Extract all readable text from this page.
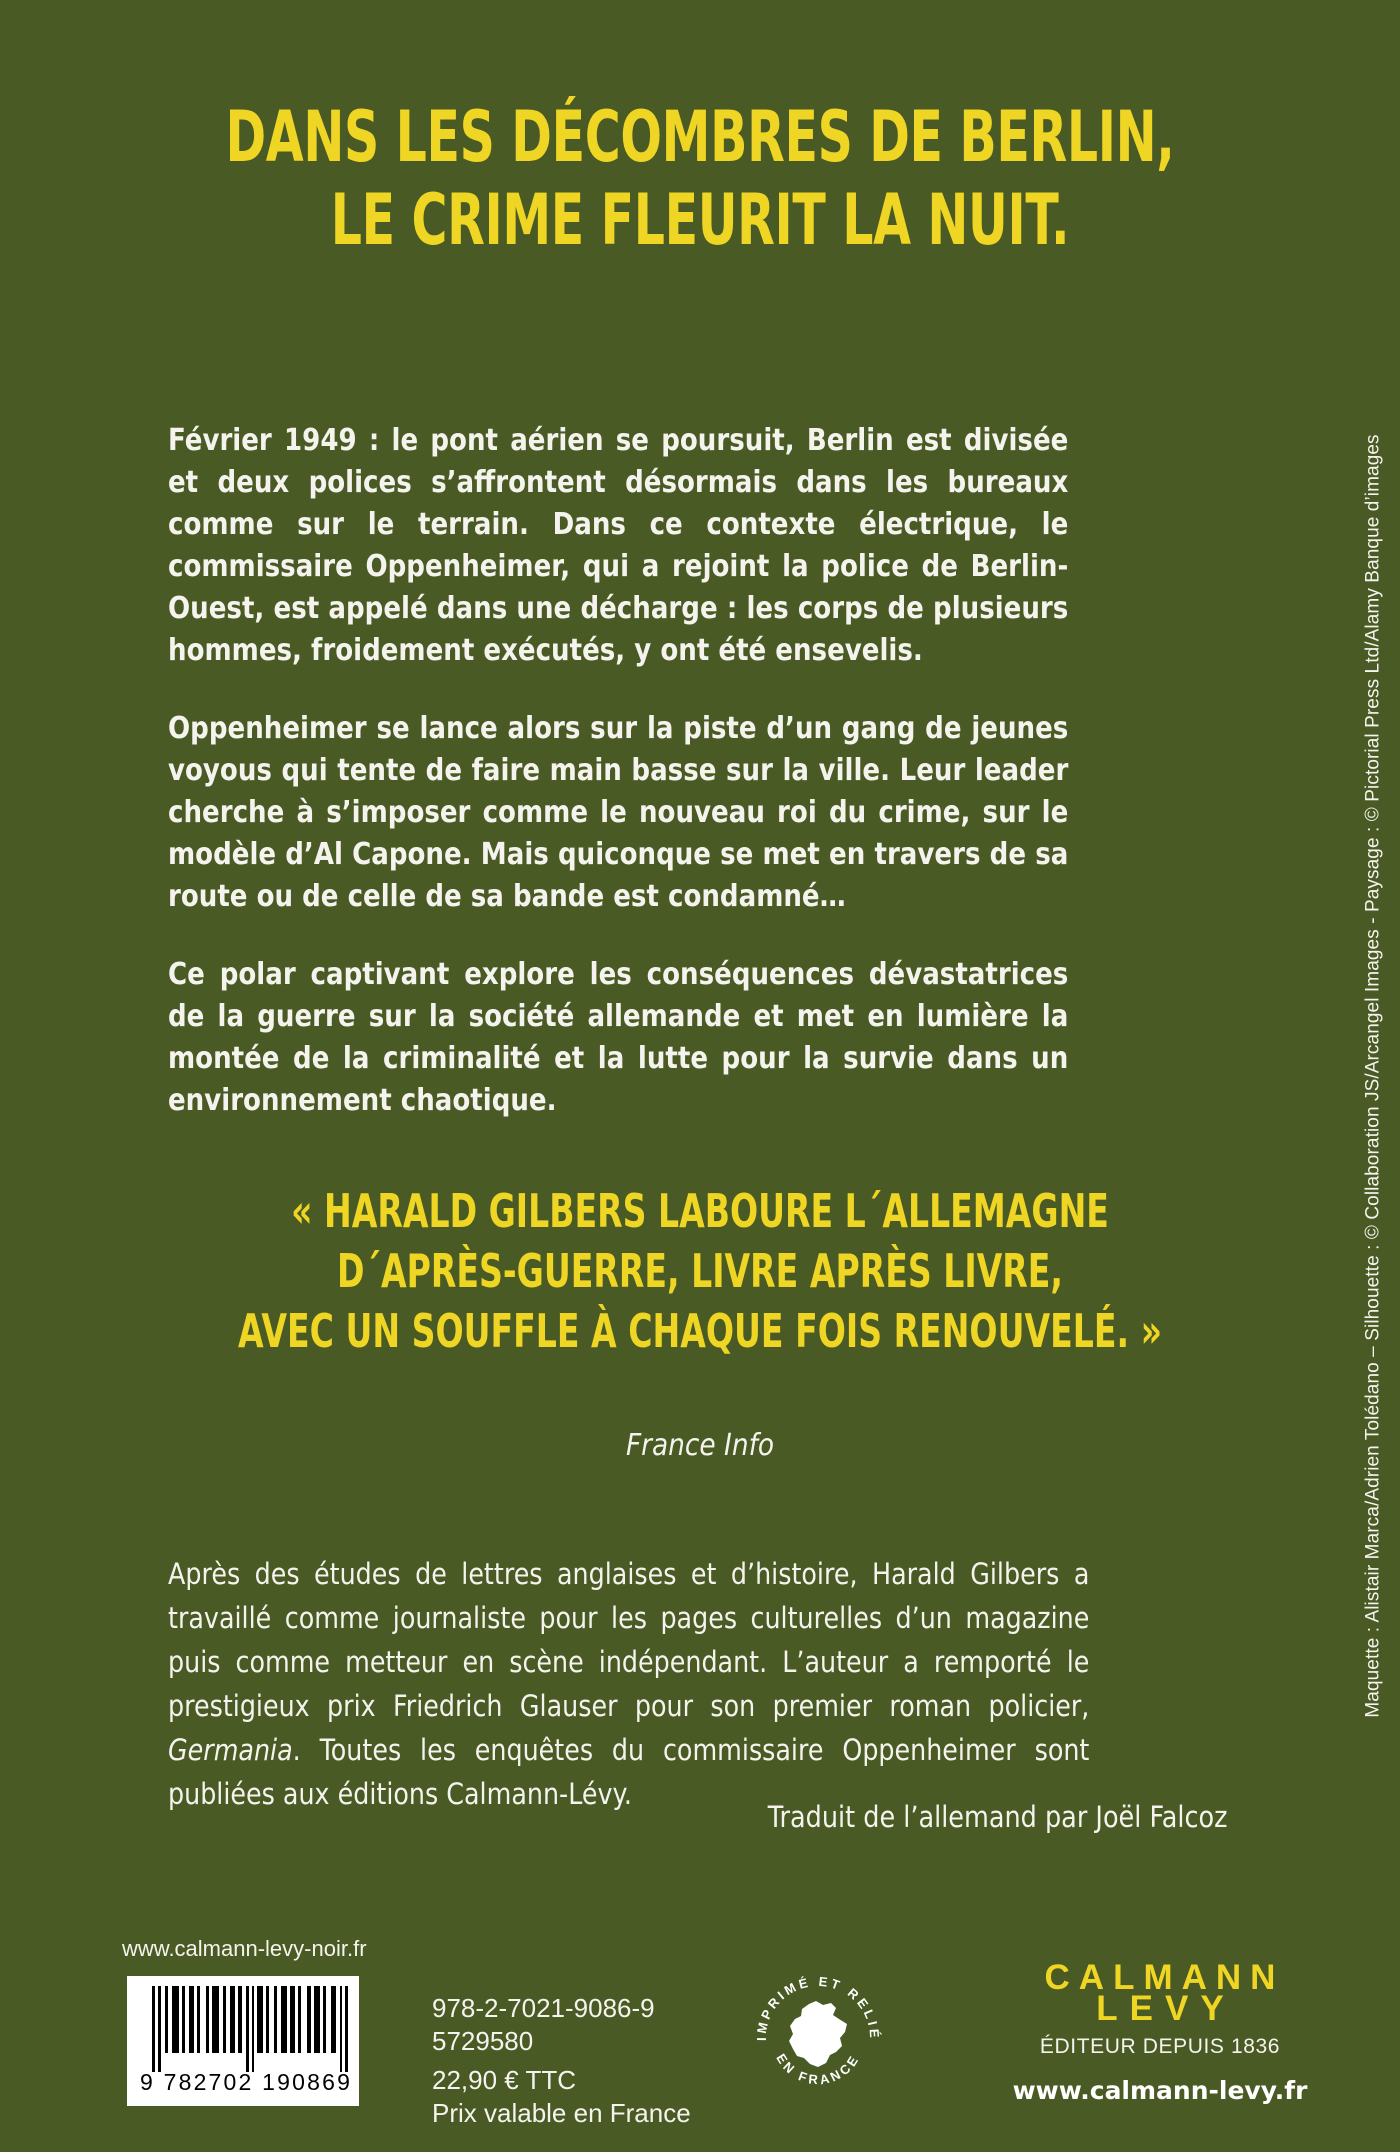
DANS LES DÉCOMBRES DE BERLIN,
LE CRIME FLEURIT LA NUIT.

Février 1949 : le pont aérien se poursuit, Berlin est divisée et deux polices s’affrontent désormais dans les bureaux comme sur le terrain. Dans ce contexte électrique, le commissaire Oppenheimer, qui a rejoint la police de Berlin-Ouest, est appelé dans une décharge : les corps de plusieurs hommes, froidement exécutés, y ont été ensevelis.

Oppenheimer se lance alors sur la piste d’un gang de jeunes voyous qui tente de faire main basse sur la ville. Leur leader cherche à s’imposer comme le nouveau roi du crime, sur le modèle d’Al Capone. Mais quiconque se met en travers de sa route ou de celle de sa bande est condamné…

Ce polar captivant explore les conséquences dévastatrices de la guerre sur la société allemande et met en lumière la montée de la criminalité et la lutte pour la survie dans un environnement chaotique.

« HARALD GILBERS LABOURE L´ALLEMAGNE
D´APRÈS-GUERRE, LIVRE APRÈS LIVRE,
AVEC UN SOUFFLE À CHAQUE FOIS RENOUVELÉ. »
France Info

Après des études de lettres anglaises et d’histoire, Harald Gilbers a travaillé comme journaliste pour les pages culturelles d’un magazine puis comme metteur en scène indépendant. L’auteur a remporté le prestigieux prix Friedrich Glauser pour son premier roman policier, Germania. Toutes les enquêtes du commissaire Oppenheimer sont publiées aux éditions Calmann-Lévy.

Traduit de l’allemand par Joël Falcoz
www.calmann-levy-noir.fr
9 782702 190869
978-2-7021-9086-9
5729580
22,90 € TTC
Prix valable en France
IMPRIMÉ ET RELIÉ
EN FRANCE
CALMANN
LEVY
ÉDITEUR DEPUIS 1836
www.calmann-levy.fr
Maquette : Alistair Marca/Adrien Tolédano – Silhouette : © Collaboration JS/Arcangel Images - Paysage : © Pictorial Press Ltd/Alamy Banque d’images
